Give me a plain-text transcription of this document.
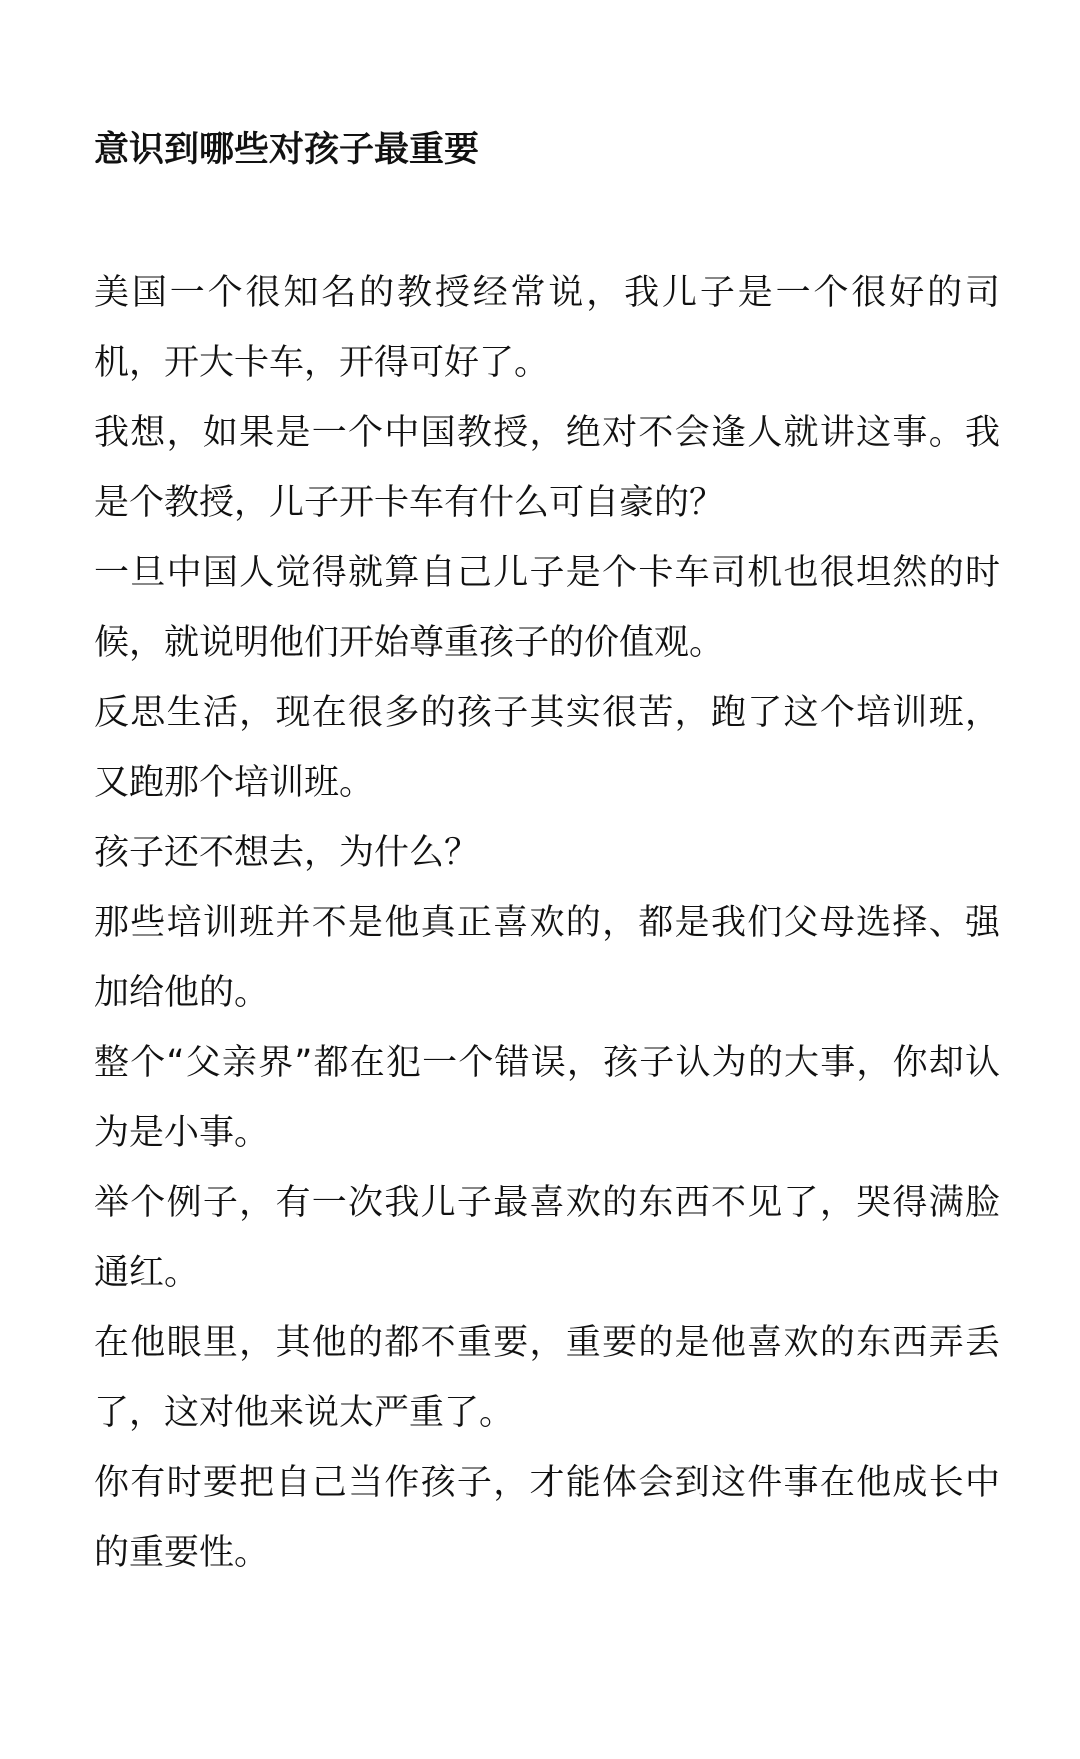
意识到哪些对孩子最重要

美国一个很知名的教授经常说，我儿子是一个很好的司机，开大卡车，开得可好了。

我想，如果是一个中国教授，绝对不会逢人就讲这事。我是个教授，儿子开卡车有什么可自豪的？

一旦中国人觉得就算自己儿子是个卡车司机也很坦然的时候，就说明他们开始尊重孩子的价值观。

反思生活，现在很多的孩子其实很苦，跑了这个培训班，又跑那个培训班。

孩子还不想去，为什么？

那些培训班并不是他真正喜欢的，都是我们父母选择、强加给他的。

整个“父亲界”都在犯一个错误，孩子认为的大事，你却认为是小事。

举个例子，有一次我儿子最喜欢的东西不见了，哭得满脸通红。

在他眼里，其他的都不重要，重要的是他喜欢的东西弄丢了，这对他来说太严重了。

你有时要把自己当作孩子，才能体会到这件事在他成长中的重要性。
